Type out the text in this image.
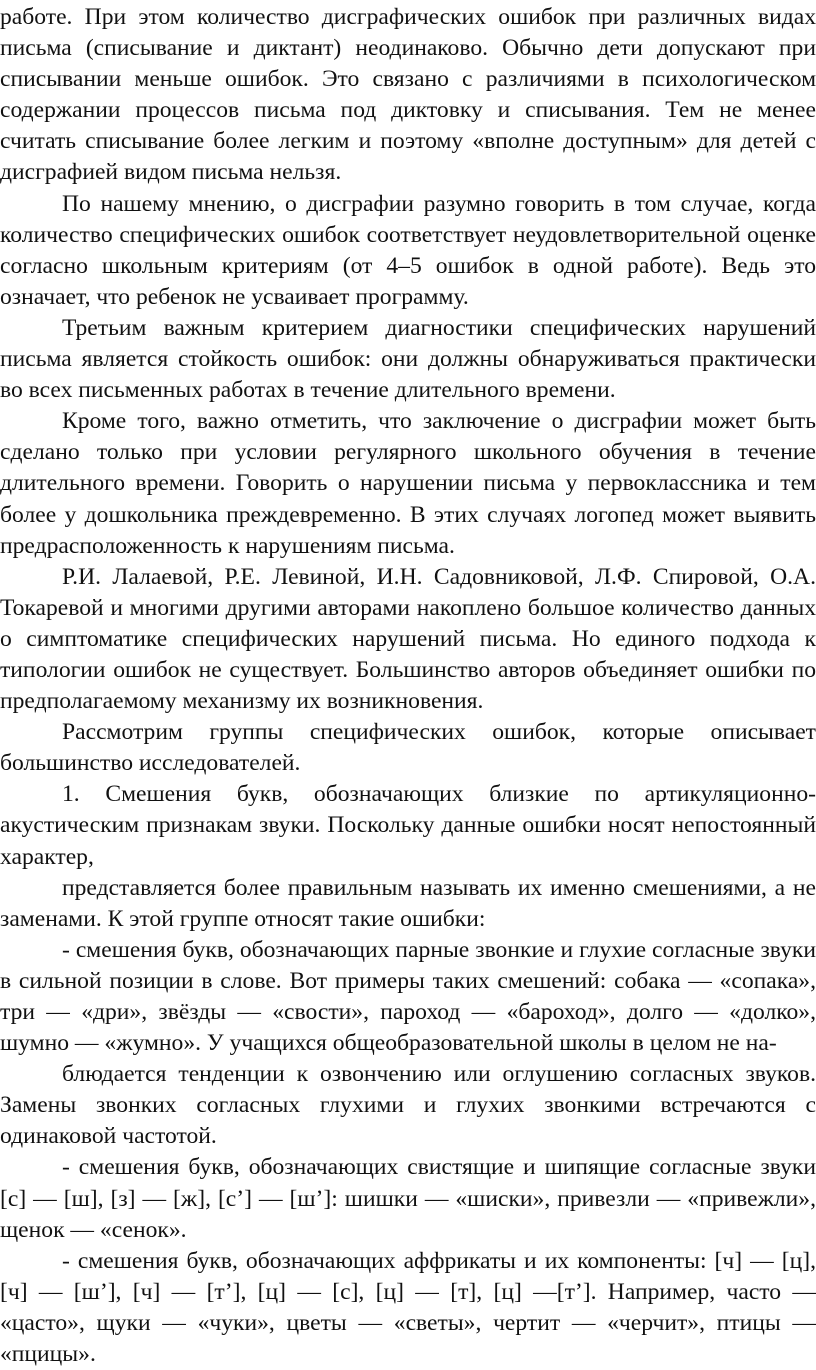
работе. При этом количество дисграфических ошибок при различных видах письма (списывание и диктант) неодинаково. Обычно дети допускают при списывании меньше ошибок. Это связано с различиями в психологическом содержании процессов письма под диктовку и списывания. Тем не менее считать списывание более легким и поэтому «вполне доступным» для детей с дисграфией видом письма нельзя.

По нашему мнению, о дисграфии разумно говорить в том случае, когда количество специфических ошибок соответствует неудовлетворительной оценке согласно школьным критериям (от 4–5 ошибок в одной работе). Ведь это означает, что ребенок не усваивает программу.

Третьим важным критерием диагностики специфических нарушений письма является стойкость ошибок: они должны обнаруживаться практически во всех письменных работах в течение длительного времени.

Кроме того, важно отметить, что заключение о дисграфии может быть сделано только при условии регулярного школьного обучения в течение длительного времени. Говорить о нарушении письма у первоклассника и тем более у дошкольника преждевременно. В этих случаях логопед может выявить предрасположенность к нарушениям письма.

Р.И. Лалаевой, Р.Е. Левиной, И.Н. Садовниковой, Л.Ф. Спировой, О.А. Токаревой и многими другими авторами накоплено большое количество данных о симптоматике специфических нарушений письма. Но единого подхода к типологии ошибок не существует. Большинство авторов объединяет ошибки по предполагаемому механизму их возникновения.

Рассмотрим группы специфических ошибок, которые описывает большинство исследователей.

1. Смешения букв, обозначающих близкие по артикуляционно-акустическим признакам звуки. Поскольку данные ошибки носят непостоянный характер,

представляется более правильным называть их именно смешениями, а не заменами. К этой группе относят такие ошибки:

- смешения букв, обозначающих парные звонкие и глухие согласные звуки в сильной позиции в слове. Вот примеры таких смешений: собака — «сопака», три — «дри», звёзды — «свости», пароход — «бароход», долго — «долко», шумно — «жумно». У учащихся общеобразовательной школы в целом не на-

блюдается тенденции к озвончению или оглушению согласных звуков. Замены звонких согласных глухими и глухих звонкими встречаются с одинаковой частотой.

- смешения букв, обозначающих свистящие и шипящие согласные звуки [с] — [ш], [з] — [ж], [с’] — [ш’]: шишки — «шиски», привезли — «привежли», щенок — «сенок».

- смешения букв, обозначающих аффрикаты и их компоненты: [ч] — [ц], [ч] — [ш’], [ч] — [т’], [ц] — [с], [ц] — [т], [ц] —[т’]. Например, часто — «цасто», щуки — «чуки», цветы — «светы», чертит — «черчит», птицы — «пцицы».
